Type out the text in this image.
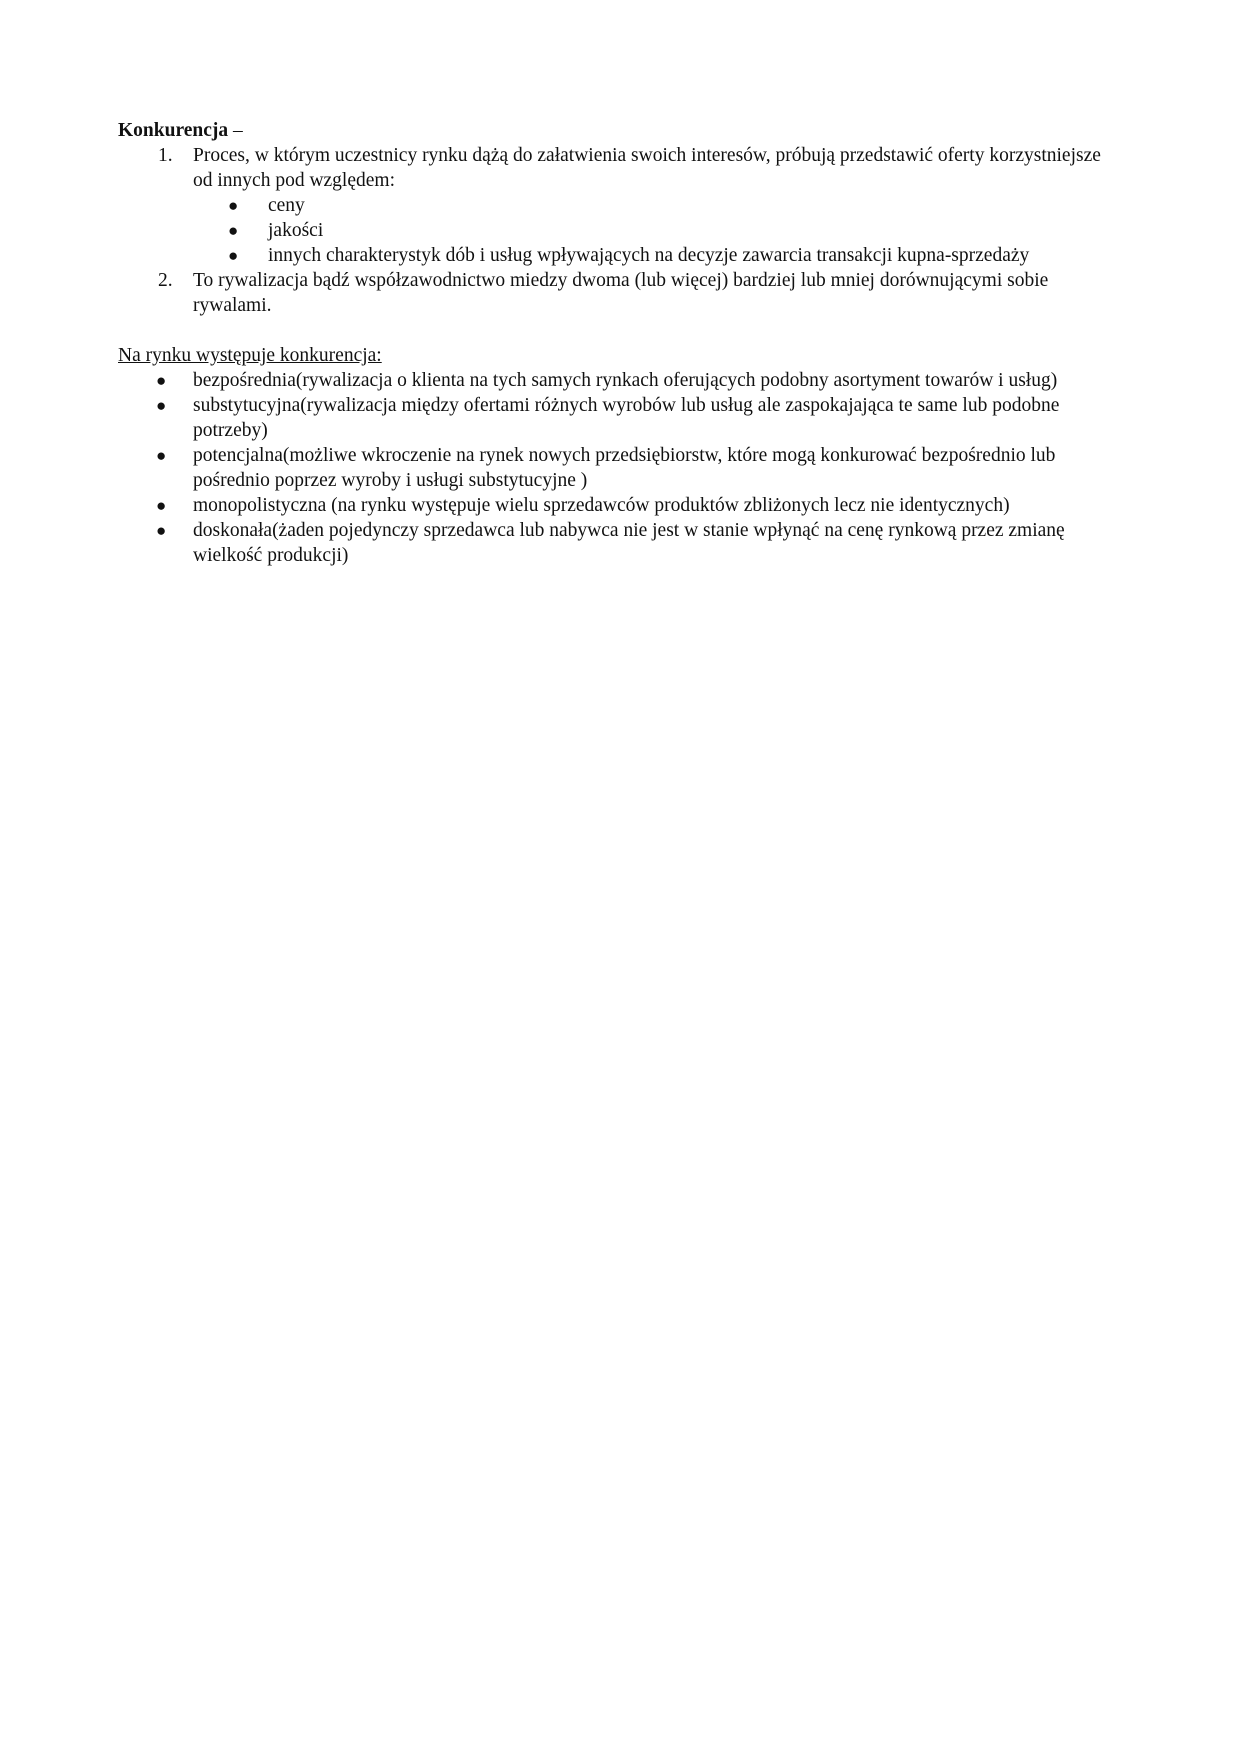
Konkurencja –
1. Proces, w którym uczestnicy rynku dążą do załatwienia swoich interesów, próbują przedstawić oferty korzystniejsze od innych pod względem:
● ceny
● jakości
● innych charakterystyk dób i usług wpływających na decyzje zawarcia transakcji kupna-sprzedaży
2. To rywalizacja bądź współzawodnictwo miedzy dwoma (lub więcej) bardziej lub mniej dorównującymi sobie rywalami.
Na rynku występuje konkurencja:
● bezpośrednia(rywalizacja o klienta na tych samych rynkach oferujących podobny asortyment towarów i usług)
● substytucyjna(rywalizacja między ofertami różnych wyrobów lub usług ale zaspokajająca te same lub podobne potrzeby)
● potencjalna(możliwe wkroczenie na rynek nowych przedsiębiorstw, które mogą konkurować bezpośrednio lub pośrednio poprzez wyroby i usługi substytucyjne )
● monopolistyczna (na rynku występuje wielu sprzedawców produktów zbliżonych lecz nie identycznych)
● doskonała(żaden pojedynczy sprzedawca lub nabywca nie jest w stanie wpłynąć na cenę rynkową przez zmianę wielkość produkcji)
